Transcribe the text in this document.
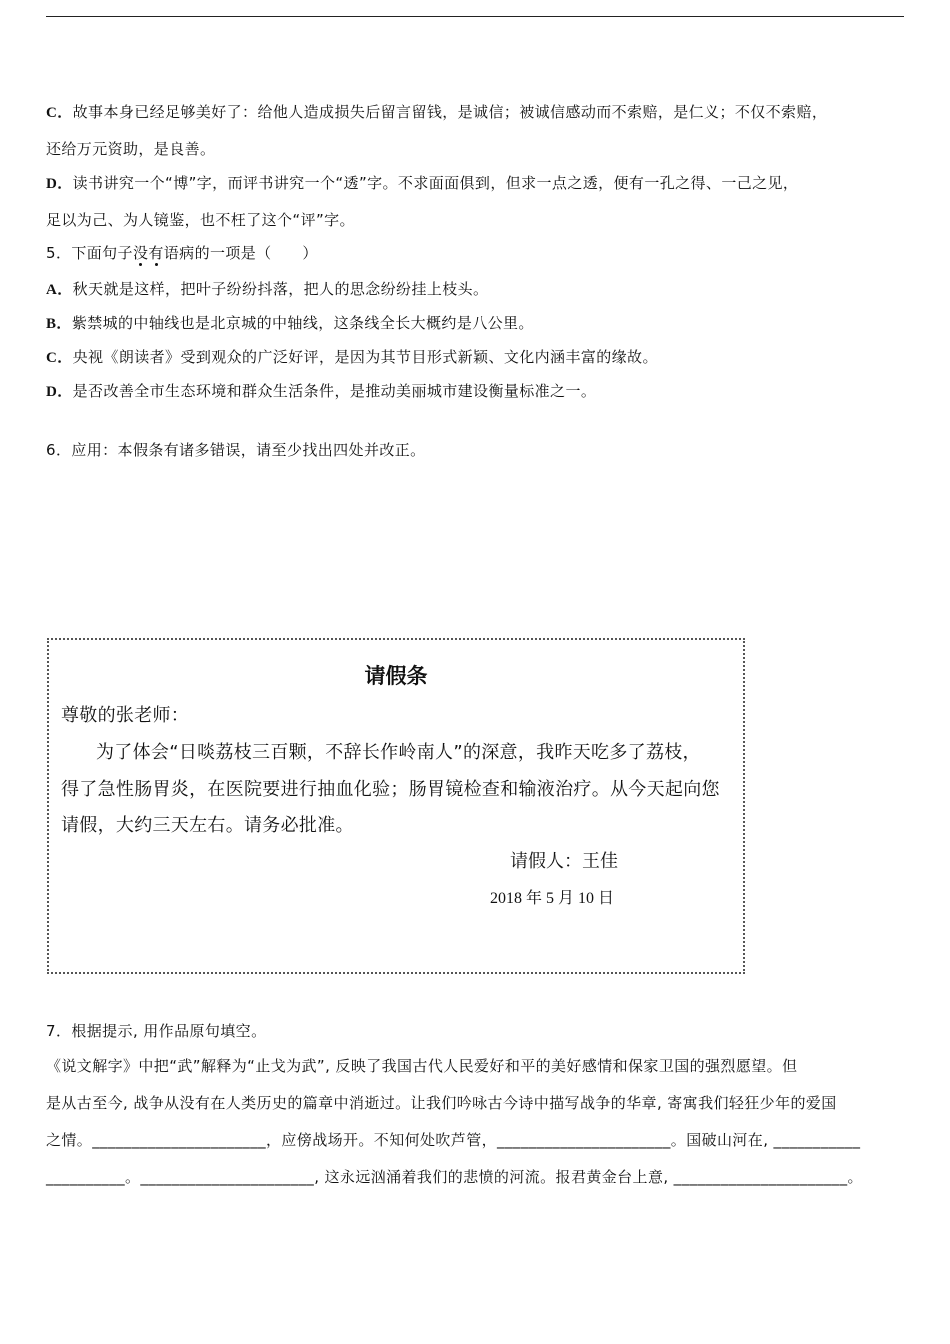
C．故事本身已经足够美好了：给他人造成损失后留言留钱，是诚信；被诚信感动而不索赔，是仁义；不仅不索赔，
还给万元资助，是良善。
D．读书讲究一个“博”字，而评书讲究一个“透”字。不求面面俱到，但求一点之透，便有一孔之得、一己之见，
足以为己、为人镜鉴，也不枉了这个“评”字。
5．下面句子没有语病的一项是（　　）
A．秋天就是这样，把叶子纷纷抖落，把人的思念纷纷挂上枝头。
B．紫禁城的中轴线也是北京城的中轴线，这条线全长大概约是八公里。
C．央视《朗读者》受到观众的广泛好评，是因为其节目形式新颖、文化内涵丰富的缘故。
D．是否改善全市生态环境和群众生活条件，是推动美丽城市建设衡量标准之一。
6．应用：本假条有诸多错误，请至少找出四处并改正。
请假条
尊敬的张老师：
为了体会“日啖荔枝三百颗，不辞长作岭南人”的深意，我昨天吃多了荔枝，
得了急性肠胃炎，在医院要进行抽血化验；肠胃镜检查和输液治疗。从今天起向您
请假，大约三天左右。请务必批准。
请假人：王佳
2018 年 5 月 10 日
7．根据提示, 用作品原句填空。
《说文解字》中把“武”解释为“止戈为武”, 反映了我国古代人民爱好和平的美好感情和保家卫国的强烈愿望。但
是从古至今, 战争从没有在人类历史的篇章中消逝过。让我们吟咏古今诗中描写战争的华章, 寄寓我们轻狂少年的爱国
之情。______________________，应傍战场开。不知何处吹芦管，______________________。国破山河在, ___________
__________。______________________, 这永远汹涌着我们的悲愤的河流。报君黄金台上意, ______________________。
